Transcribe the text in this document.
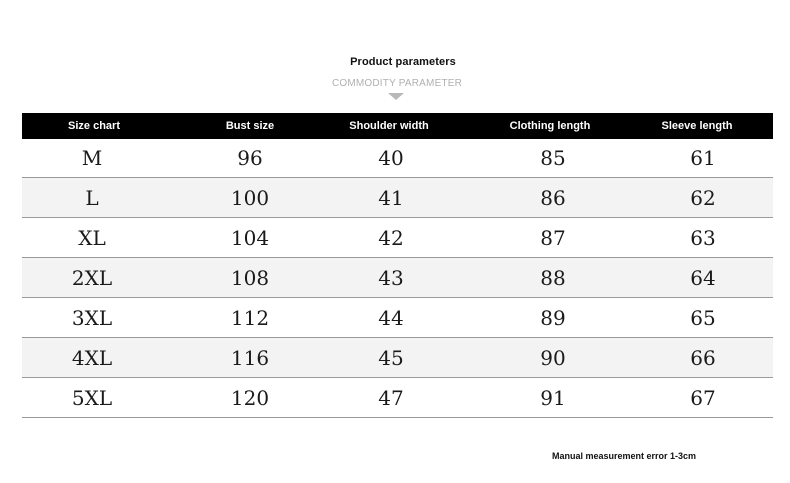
Product parameters
COMMODITY PARAMETER
Size chart	Bust size	Shoulder width	Clothing length	Sleeve length
M	96	40	85	61
L	100	41	86	62
XL	104	42	87	63
2XL	108	43	88	64
3XL	112	44	89	65
4XL	116	45	90	66
5XL	120	47	91	67
Manual measurement error 1-3cm
